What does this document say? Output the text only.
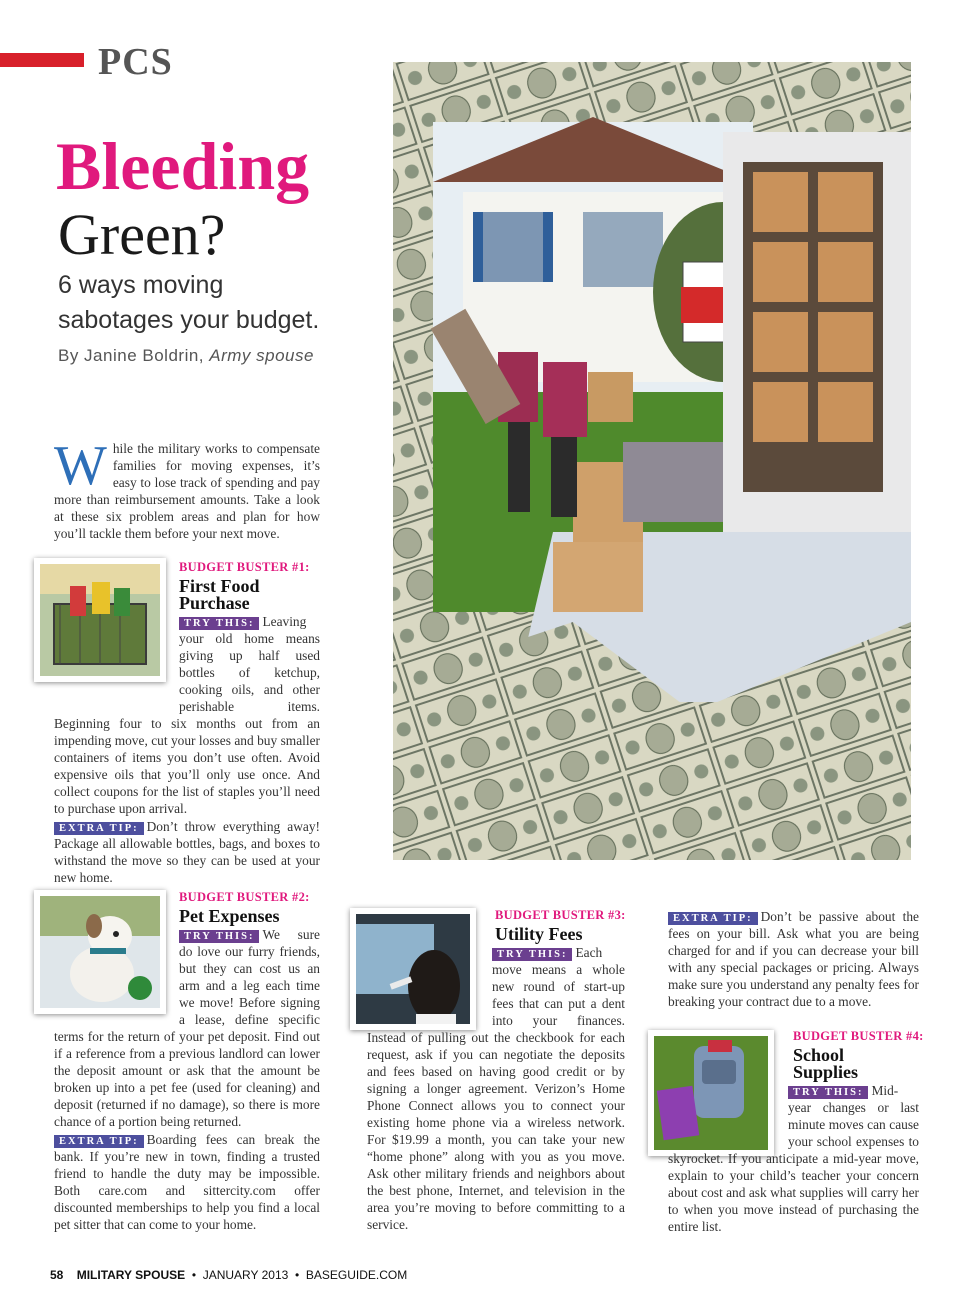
PCS
Bleeding
Green?
6 ways moving
sabotages your budget.
By Janine Boldrin, Army spouse
While the military works to compensate families for moving expenses, it’s easy to lose track of spending and pay more than reimbursement amounts. Take a look at these six problem areas and plan for how you’ll tackle them before your next move.
BUDGET BUSTER #1:
First Food Purchase
TRY THIS: Leaving your old home means giving up half used bottles of ketchup, cooking oils, and other perishable items. Beginning four to six months out from an impending move, cut your losses and buy smaller containers of items you don’t use often. Avoid expensive oils that you’ll only use once. And collect coupons for the list of staples you’ll need to purchase upon arrival.
EXTRA TIP: Don’t throw everything away! Package all allowable bottles, bags, and boxes to withstand the move so they can be used at your new home.
BUDGET BUSTER #2:
Pet Expenses
TRY THIS: We sure do love our furry friends, but they can cost us an arm and a leg each time we move! Before signing a lease, define specific terms for the return of your pet deposit. Find out if a reference from a previous landlord can lower the deposit amount or ask that the amount be broken up into a pet fee (used for cleaning) and deposit (returned if no damage), so there is more chance of a portion being returned.
EXTRA TIP: Boarding fees can break the bank. If you’re new in town, finding a trusted friend to handle the duty may be impossible. Both care.com and sittercity.com offer discounted memberships to help you find a local pet sitter that can come to your home.
BUDGET BUSTER #3:
Utility Fees
TRY THIS: Each move means a whole new round of start-up fees that can put a dent into your finances. Instead of pulling out the checkbook for each request, ask if you can negotiate the deposits and fees based on having good credit or by signing a longer agreement. Verizon’s Home Phone Connect allows you to connect your existing home phone via a wireless network. For $19.99 a month, you can take your new “home phone” along with you as you move. Ask other military friends and neighbors about the best phone, Internet, and television in the area you’re moving to before committing to a service.
EXTRA TIP: Don’t be passive about the fees on your bill. Ask what you are being charged for and if you can decrease your bill with any special packages or pricing. Always make sure you understand any penalty fees for breaking your contract due to a move.
BUDGET BUSTER #4:
School Supplies
TRY THIS: Mid-year changes or last minute moves can cause your school expenses to skyrocket. If you anticipate a mid-year move, explain to your child’s teacher your concern about cost and ask what supplies will carry her to when you move instead of purchasing the entire list.
58 MILITARY SPOUSE  •  JANUARY 2013  •  BASEGUIDE.COM
